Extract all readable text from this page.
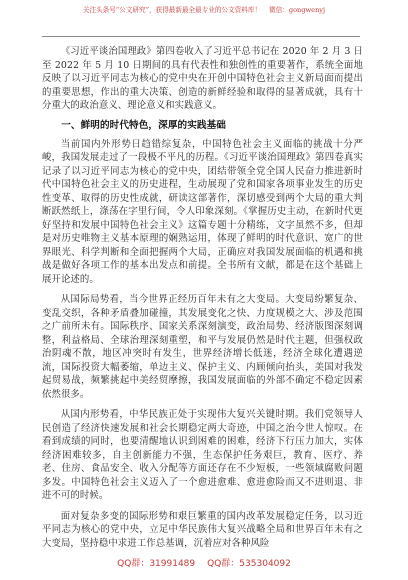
关注头条号“公文研究”，获得最新最全最专业的公文资料库！ 微信：gongwenyj

《习近平谈治国理政》第四卷收入了习近平总书记在 2020 年 2 月 3 日至 2022 年 5 月 10 日期间的具有代表性和独创性的重要著作，系统全面地反映了以习近平同志为核心的党中央在开创中国特色社会主义新局面而提出的重要思想，作出的重大决策、创造的新鲜经验和取得的显著成就，具有十分重大的政治意义、理论意义和实践意义。

一、鲜明的时代特色，深厚的实践基础

当前国内外形势日趋错综复杂，中国特色社会主义面临的挑战十分严峻，我国发展走过了一段极不平凡的历程。《习近平谈治国理政》第四卷真实记录了以习近平同志为核心的党中央，团结带领全党全国人民奋力推进新时代中国特色社会主义的历史进程，生动展现了党和国家各项事业发生的历史性变革、取得的历史性成就，研读这部著作，深切感受到两个大局的重大判断跃然纸上，涤荡在字里行间，令人印象深刻。《掌握历史主动，在新时代更好坚持和发展中国特色社会主义》这篇专题十分精练，文字虽然不多，但却是对历史唯物主义基本原理的娴熟运用，体现了鲜明的时代意识、宽广的世界眼光、科学判断和全面把握两个大局，正确应对我国发展面临的机遇和挑战是做好各项工作的基本出发点和前提。全书所有文献，都是在这个基础上展开论述的。

从国际局势看，当今世界正经历百年未有之大变局。大变局纷繁复杂、变乱交织，各种矛盾叠加碰撞，其发展变化之快、力度规模之大、涉及范围之广前所未有。国际秩序、国家关系深刻演变，政治局势、经济版图深刻调整，利益格局、全球治理深刻重塑，和平与发展仍然是时代主题，但强权政治阴魂不散，地区冲突时有发生，世界经济增长低迷，经济全球化遭遇逆流，国际投资大幅萎缩，单边主义、保护主义、内顾倾向抬头，美国对我发起贸易战，频繁挑起中美经贸摩擦，我国发展面临的外部不确定不稳定因素依然很多。

从国内形势看，中华民族正处于实现伟大复兴关键时期。我们党领导人民创造了经济快速发展和社会长期稳定两大奇迹，中国之治今世人惊叹。在看到成绩的同时，也要清醒地认识到困难的困难，经济下行压力加大，实体经济困难较多，自主创新能力不强，生态保护任务艰巨，教育、医疗、养老、住房、食品安全、收入分配等方面还存在不少短板，一些领域腐败问题多发。中国特色社会主义迈入了一个愈进愈难、愈进愈险而又不进则退、非进不可的时候。

面对复杂多变的国际形势和艰巨繁重的国内改革发展稳定任务，以习近平同志为核心的党中央，立足中华民族伟大复兴战略全局和世界百年未有之大变局，坚持稳中求进工作总基调，沉着应对各种风险

QQ群：31991489 QQ群：535304092
